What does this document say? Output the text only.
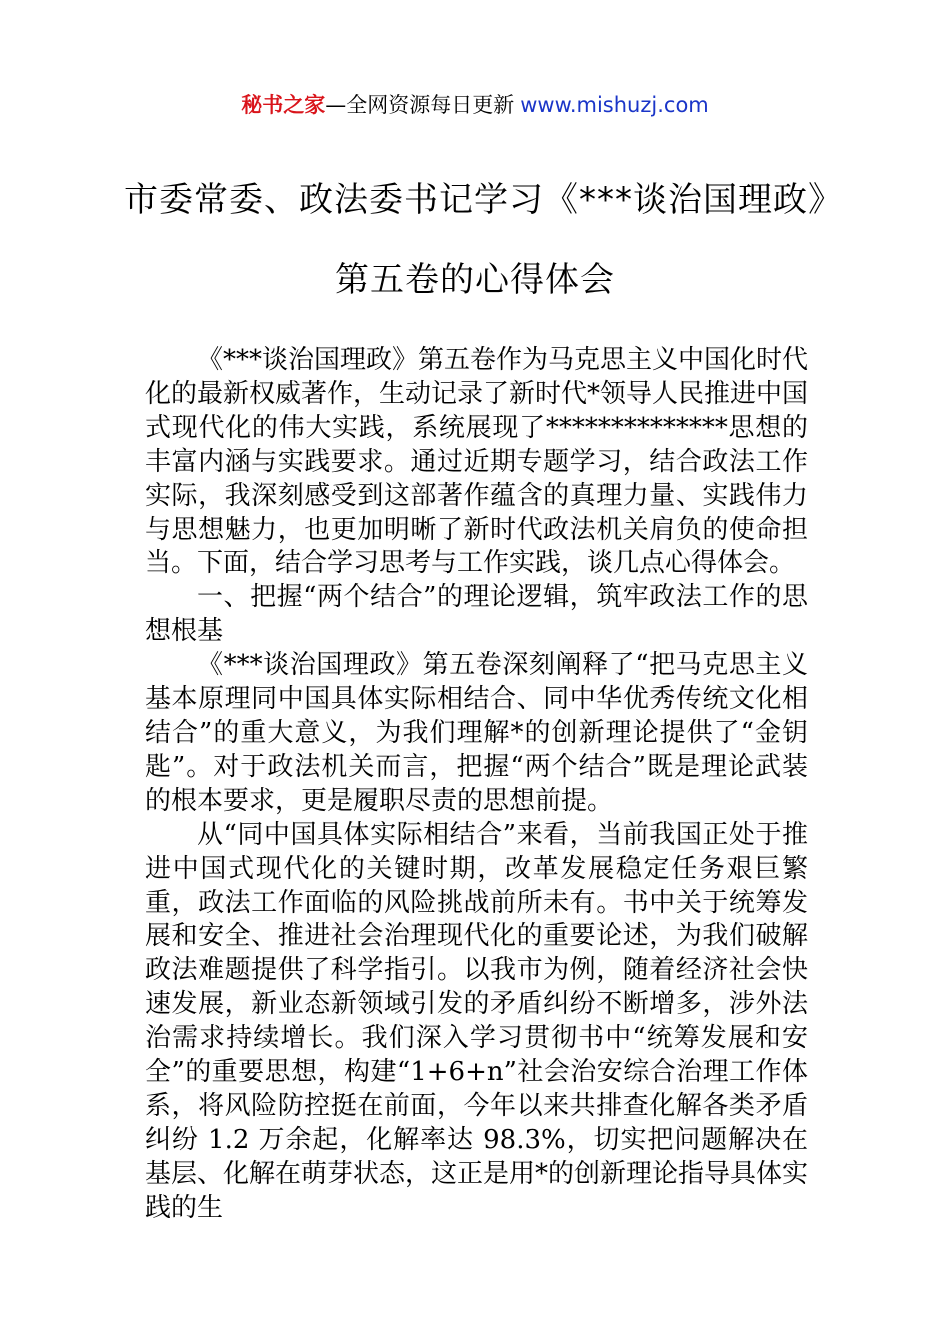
秘书之家—全网资源每日更新 www.mishuzj.com
市委常委、政法委书记学习《***谈治国理政》第五卷的心得体会

《***谈治国理政》第五卷作为马克思主义中国化时代化的最新权威著作，生动记录了新时代*领导人民推进中国式现代化的伟大实践，系统展现了**************思想的丰富内涵与实践要求。通过近期专题学习，结合政法工作实际，我深刻感受到这部著作蕴含的真理力量、实践伟力与思想魅力，也更加明晰了新时代政法机关肩负的使命担当。下面，结合学习思考与工作实践，谈几点心得体会。

一、把握“两个结合”的理论逻辑，筑牢政法工作的思想根基

《***谈治国理政》第五卷深刻阐释了“把马克思主义基本原理同中国具体实际相结合、同中华优秀传统文化相结合”的重大意义，为我们理解*的创新理论提供了“金钥匙”。对于政法机关而言，把握“两个结合”既是理论武装的根本要求，更是履职尽责的思想前提。

从“同中国具体实际相结合”来看，当前我国正处于推进中国式现代化的关键时期，改革发展稳定任务艰巨繁重，政法工作面临的风险挑战前所未有。书中关于统筹发展和安全、推进社会治理现代化的重要论述，为我们破解政法难题提供了科学指引。以我市为例，随着经济社会快速发展，新业态新领域引发的矛盾纠纷不断增多，涉外法治需求持续增长。我们深入学习贯彻书中“统筹发展和安全”的重要思想，构建“1+6+n”社会治安综合治理工作体系，将风险防控挺在前面，今年以来共排查化解各类矛盾纠纷 1.2 万余起，化解率达 98.3%，切实把问题解决在基层、化解在萌芽状态，这正是用*的创新理论指导具体实践的生
